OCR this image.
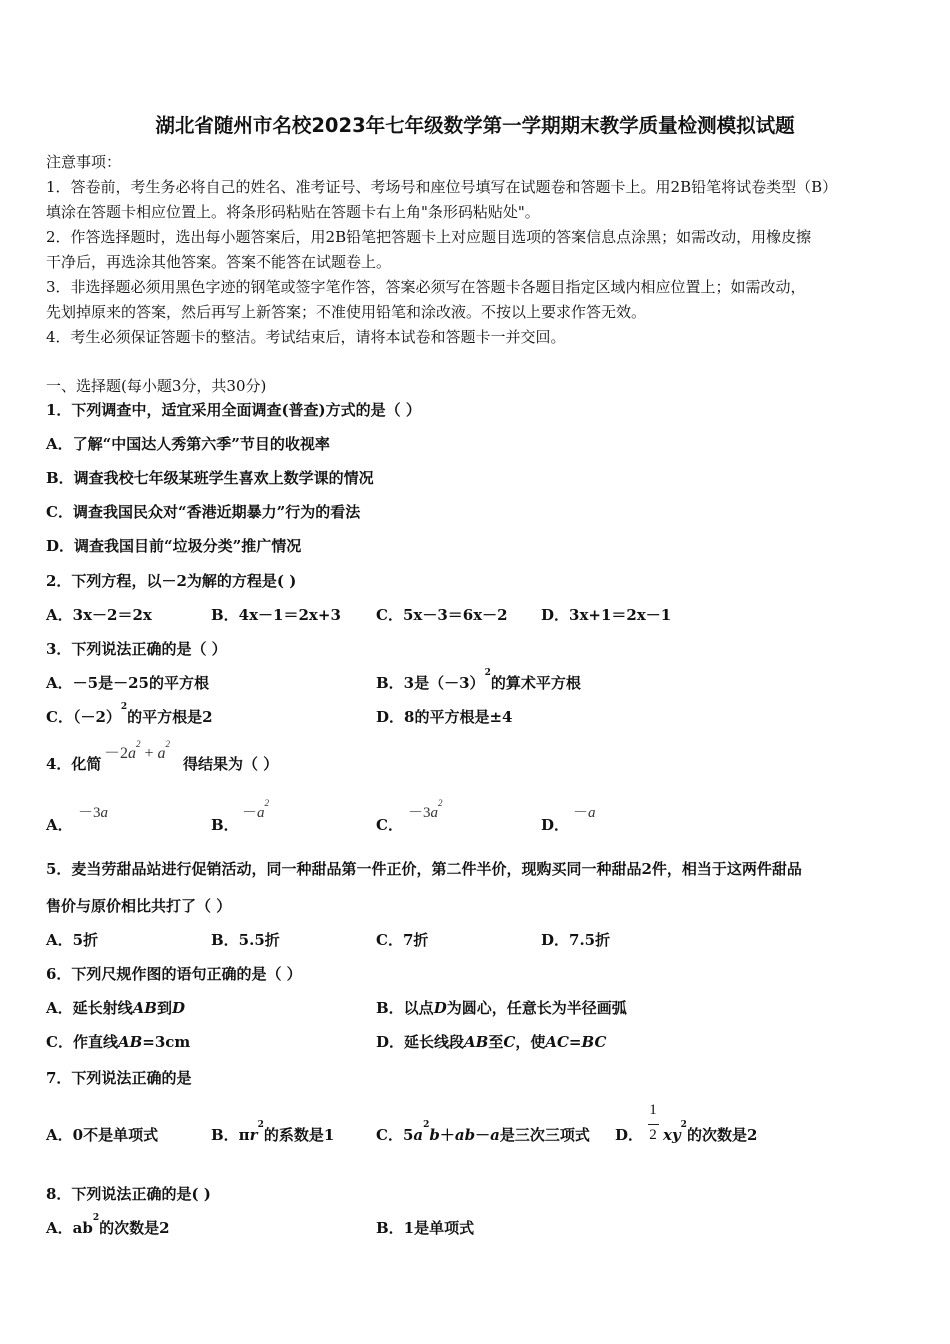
湖北省随州市名校2023年七年级数学第一学期期末教学质量检测模拟试题
注意事项：
1．答卷前，考生务必将自己的姓名、准考证号、考场号和座位号填写在试题卷和答题卡上。用2B铅笔将试卷类型（B）
填涂在答题卡相应位置上。将条形码粘贴在答题卡右上角"条形码粘贴处"。
2．作答选择题时，选出每小题答案后，用2B铅笔把答题卡上对应题目选项的答案信息点涂黑；如需改动，用橡皮擦
干净后，再选涂其他答案。答案不能答在试题卷上。
3．非选择题必须用黑色字迹的钢笔或签字笔作答，答案必须写在答题卡各题目指定区域内相应位置上；如需改动，
先划掉原来的答案，然后再写上新答案；不准使用铅笔和涂改液。不按以上要求作答无效。
4．考生必须保证答题卡的整洁。考试结束后，请将本试卷和答题卡一并交回。
一、选择题(每小题3分，共30分)
1．下列调查中，适宜采用全面调查(普查)方式的是（ ）
A．了解“中国达人秀第六季”节目的收视率
B．调查我校七年级某班学生喜欢上数学课的情况
C．调查我国民众对“香港近期暴力”行为的看法
D．调查我国目前“垃圾分类”推广情况
2．下列方程，以－2为解的方程是( )
A．3x－2＝2x	B．4x－1＝2x+3 C．5x－3＝6x－2 D．3x+1＝2x－1
3．下列说法正确的是（ ）
A．－5是－25的平方根	B．3是$(-3)^2$的算术平方根
C．$(-2)^2$的平方根是2	D．8的平方根是±4
4．化简
$-2a^2 + a^2$
得结果为（ ）
A．
－3a
B．
$-a^2$
C．
$-3a^2$
D．
－a
5．麦当劳甜品站进行促销活动，同一种甜品第一件正价，第二件半价，现购买同一种甜品2件，相当于这两件甜品
售价与原价相比共打了（ ）
A．5折	B．5.5折	C．7折	D．7.5折
6．下列尺规作图的语句正确的是（ ）
A．延长射线AB到D	B．以点D为圆心，任意长为半径画弧
C．作直线AB=3cm	D．延长线段AB至C，使AC=BC
7．下列说法正确的是
A．0不是单项式	B．$\pi r^2$的系数是1	C．$5a^2b+ab-a$是三次三项式 D．
1
2 $xy^2$的次数是2
8．下列说法正确的是( )
A．$ab^2$的次数是2	B．1是单项式
